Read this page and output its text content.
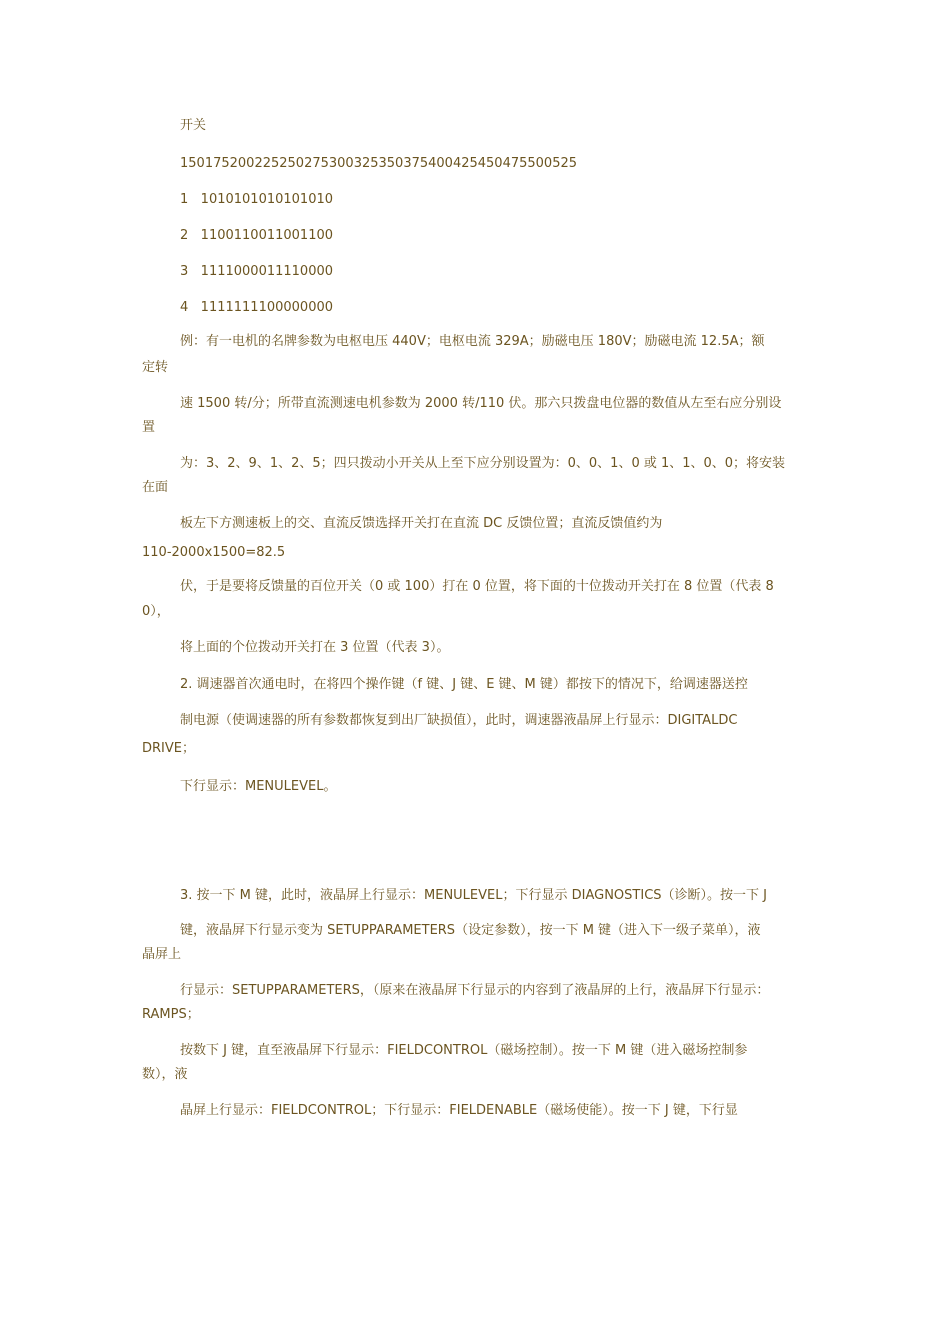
开关
150175200225250275300325350375400425450475500525
1   1010101010101010
2   1100110011001100
3   1111000011110000
4   1111111100000000
例：有一电机的名牌参数为电枢电压 440V；电枢电流 329A；励磁电压 180V；励磁电流 12.5A；额
定转
速 1500 转/分；所带直流测速电机参数为 2000 转/110 伏。那六只拨盘电位器的数值从左至右应分别设
置
为：3、2、9、1、2、5；四只拨动小开关从上至下应分别设置为：0、0、1、0 或 1、1、0、0；将安装
在面
板左下方测速板上的交、直流反馈选择开关打在直流 DC 反馈位置；直流反馈值约为
110-2000x1500=82.5
伏，于是要将反馈量的百位开关（0 或 100）打在 0 位置，将下面的十位拨动开关打在 8 位置（代表 8
0），
将上面的个位拨动开关打在 3 位置（代表 3）。
2. 调速器首次通电时，在将四个操作键（f 键、J 键、E 键、M 键）都按下的情况下，给调速器送控
制电源（使调速器的所有参数都恢复到出厂缺损值），此时，调速器液晶屏上行显示：DIGITALDC
DRIVE；
下行显示：MENULEVEL。
3. 按一下 M 键，此时，液晶屏上行显示：MENULEVEL；下行显示 DIAGNOSTICS（诊断）。按一下 J
键，液晶屏下行显示变为 SETUPPARAMETERS（设定参数），按一下 M 键（进入下一级子菜单），液
晶屏上
行显示：SETUPPARAMETERS，（原来在液晶屏下行显示的内容到了液晶屏的上行，液晶屏下行显示：
RAMPS；
按数下 J 键，直至液晶屏下行显示：FIELDCONTROL（磁场控制）。按一下 M 键（进入磁场控制参
数），液
晶屏上行显示：FIELDCONTROL；下行显示：FIELDENABLE（磁场使能）。按一下 J 键，下行显
